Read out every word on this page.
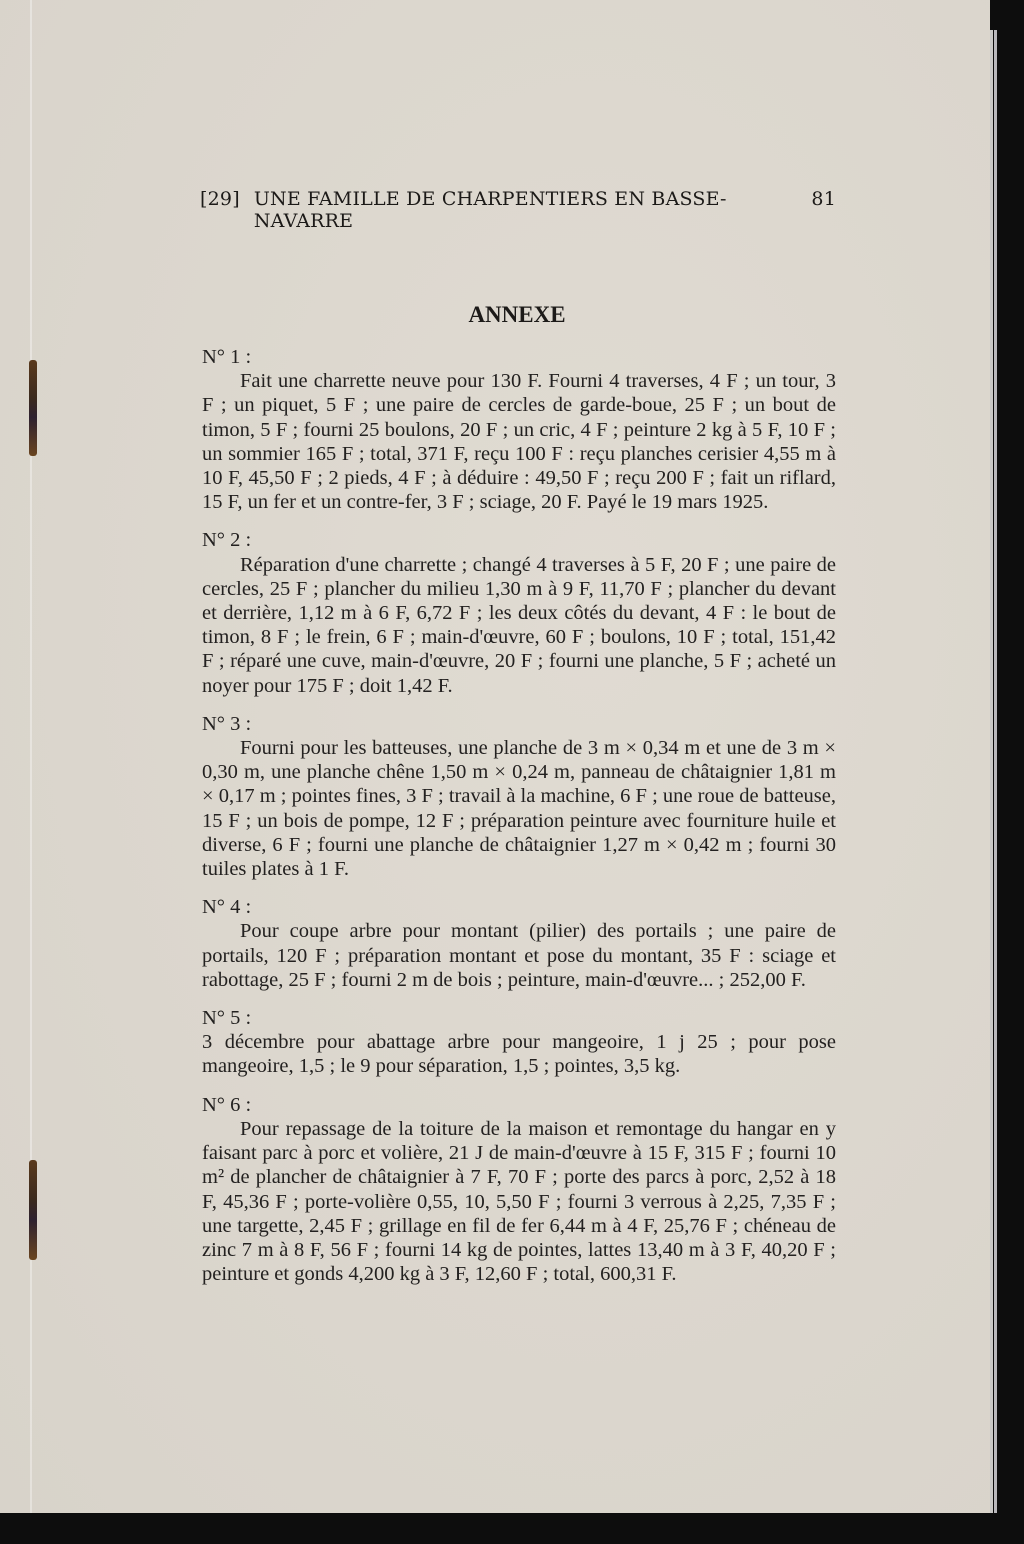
[29] UNE FAMILLE DE CHARPENTIERS EN BASSE-NAVARRE
81
ANNEXE
N° 1 :

Fait une charrette neuve pour 130 F. Fourni 4 traverses, 4 F ; un tour, 3 F ; un piquet, 5 F ; une paire de cercles de garde-boue, 25 F ; un bout de timon, 5 F ; fourni 25 boulons, 20 F ; un cric, 4 F ; peinture 2 kg à 5 F, 10 F ; un sommier 165 F ; total, 371 F, reçu 100 F : reçu planches cerisier 4,55 m à 10 F, 45,50 F ; 2 pieds, 4 F ; à déduire : 49,50 F ; reçu 200 F ; fait un riflard, 15 F, un fer et un contre-fer, 3 F ; sciage, 20 F. Payé le 19 mars 1925.

N° 2 :

Réparation d'une charrette ; changé 4 traverses à 5 F, 20 F ; une paire de cercles, 25 F ; plancher du milieu 1,30 m à 9 F, 11,70 F ; plancher du devant et derrière, 1,12 m à 6 F, 6,72 F ; les deux côtés du devant, 4 F : le bout de timon, 8 F ; le frein, 6 F ; main-d'œuvre, 60 F ; boulons, 10 F ; total, 151,42 F ; réparé une cuve, main-d'œuvre, 20 F ; fourni une planche, 5 F ; acheté un noyer pour 175 F ; doit 1,42 F.

N° 3 :

Fourni pour les batteuses, une planche de 3 m × 0,34 m et une de 3 m × 0,30 m, une planche chêne 1,50 m × 0,24 m, panneau de châtaignier 1,81 m × 0,17 m ; pointes fines, 3 F ; travail à la machine, 6 F ; une roue de batteuse, 15 F ; un bois de pompe, 12 F ; préparation peinture avec fourniture huile et diverse, 6 F ; fourni une planche de châtaignier 1,27 m × 0,42 m ; fourni 30 tuiles plates à 1 F.

N° 4 :

Pour coupe arbre pour montant (pilier) des portails ; une paire de portails, 120 F ; préparation montant et pose du montant, 35 F : sciage et rabottage, 25 F ; fourni 2 m de bois ; peinture, main-d'œuvre... ; 252,00 F.

N° 5 :

3 décembre pour abattage arbre pour mangeoire, 1 j 25 ; pour pose mangeoire, 1,5 ; le 9 pour séparation, 1,5 ; pointes, 3,5 kg.

N° 6 :

Pour repassage de la toiture de la maison et remontage du hangar en y faisant parc à porc et volière, 21 J de main-d'œuvre à 15 F, 315 F ; fourni 10 m² de plancher de châtaignier à 7 F, 70 F ; porte des parcs à porc, 2,52 à 18 F, 45,36 F ; porte-volière 0,55, 10, 5,50 F ; fourni 3 verrous à 2,25, 7,35 F ; une targette, 2,45 F ; grillage en fil de fer 6,44 m à 4 F, 25,76 F ; chéneau de zinc 7 m à 8 F, 56 F ; fourni 14 kg de pointes, lattes 13,40 m à 3 F, 40,20 F ; peinture et gonds 4,200 kg à 3 F, 12,60 F ; total, 600,31 F.
